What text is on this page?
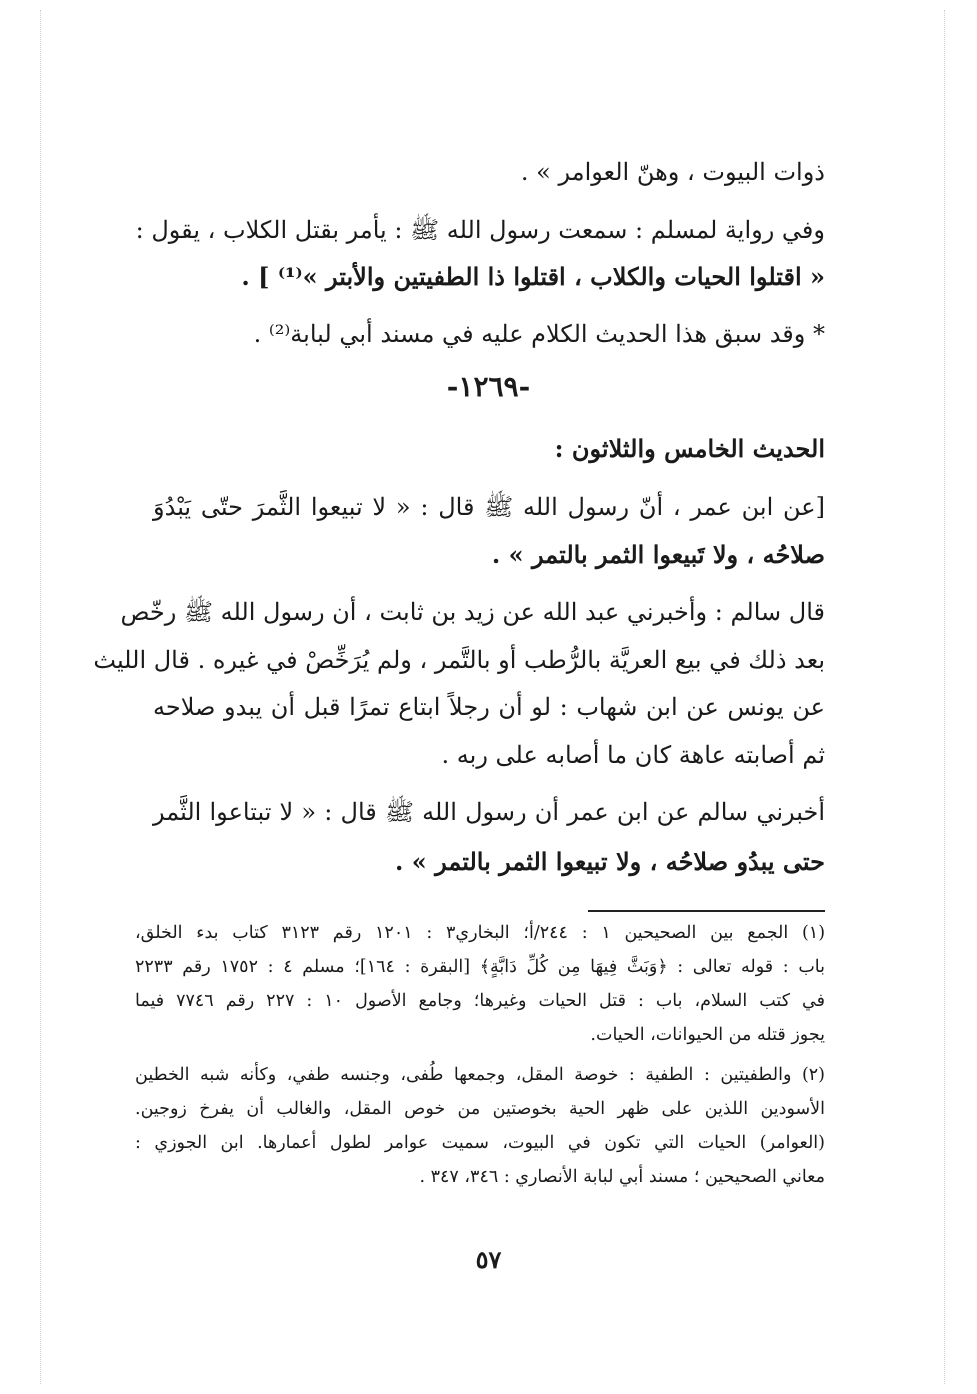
ذوات البيوت ، وهنّ العوامر » .
وفي رواية لمسلم : سمعت رسول الله ﷺ : يأمر بقتل الكلاب ، يقول :
« اقتلوا الحيات والكلاب ، اقتلوا ذا الطفيتين والأبتر »⁽¹⁾ ] .
* وقد سبق هذا الحديث الكلام عليه في مسند أبي لبابة⁽²⁾ .
-١٢٦٩-
الحديث الخامس والثلاثون :
[عن ابن عمر ، أنّ رسول الله ﷺ قال : « لا تبيعوا الثَّمرَ حتّى يَبْدُوَ
صلاحُه ، ولا تَبيعوا الثمر بالتمر » .
قال سالم : وأخبرني عبد الله عن زيد بن ثابت ، أن رسول الله ﷺ رخّص
بعد ذلك في بيع العريَّة بالرُّطب أو بالتَّمر ، ولم يُرَخِّصْ في غيره . قال الليث
عن يونس عن ابن شهاب : لو أن رجلاً ابتاع تمرًا قبل أن يبدو صلاحه
ثم أصابته عاهة كان ما أصابه على ربه .
أخبرني سالم عن ابن عمر أن رسول الله ﷺ قال : « لا تبتاعوا الثَّمر
حتى يبدُو صلاحُه ، ولا تبيعوا الثمر بالتمر » .
(١) الجمع بين الصحيحين ١ : ٢٤٤/أ؛ البخاري٣ : ١٢٠١ رقم ٣١٢٣ كتاب بدء الخلق،
باب : قوله تعالى : ﴿وَبَثَّ فِيهَا مِن كُلِّ دَابَّةٍ﴾ [البقرة : ١٦٤]؛ مسلم ٤ : ١٧٥٢ رقم ٢٢٣٣
في كتب السلام، باب : قتل الحيات وغيرها؛ وجامع الأصول ١٠ : ٢٢٧ رقم ٧٧٤٦ فيما
يجوز قتله من الحيوانات، الحيات.
(٢) والطفيتين : الطفية : خوصة المقل، وجمعها طُفى، وجنسه طفي، وكأنه شبه الخطين
الأسودين اللذين على ظهر الحية بخوصتين من خوص المقل، والغالب أن يفرخ زوجين.
(العوامر) الحيات التي تكون في البيوت، سميت عوامر لطول أعمارها. ابن الجوزي :
معاني الصحيحين ؛ مسند أبي لبابة الأنصاري : ٣٤٦، ٣٤٧ .
٥٧
